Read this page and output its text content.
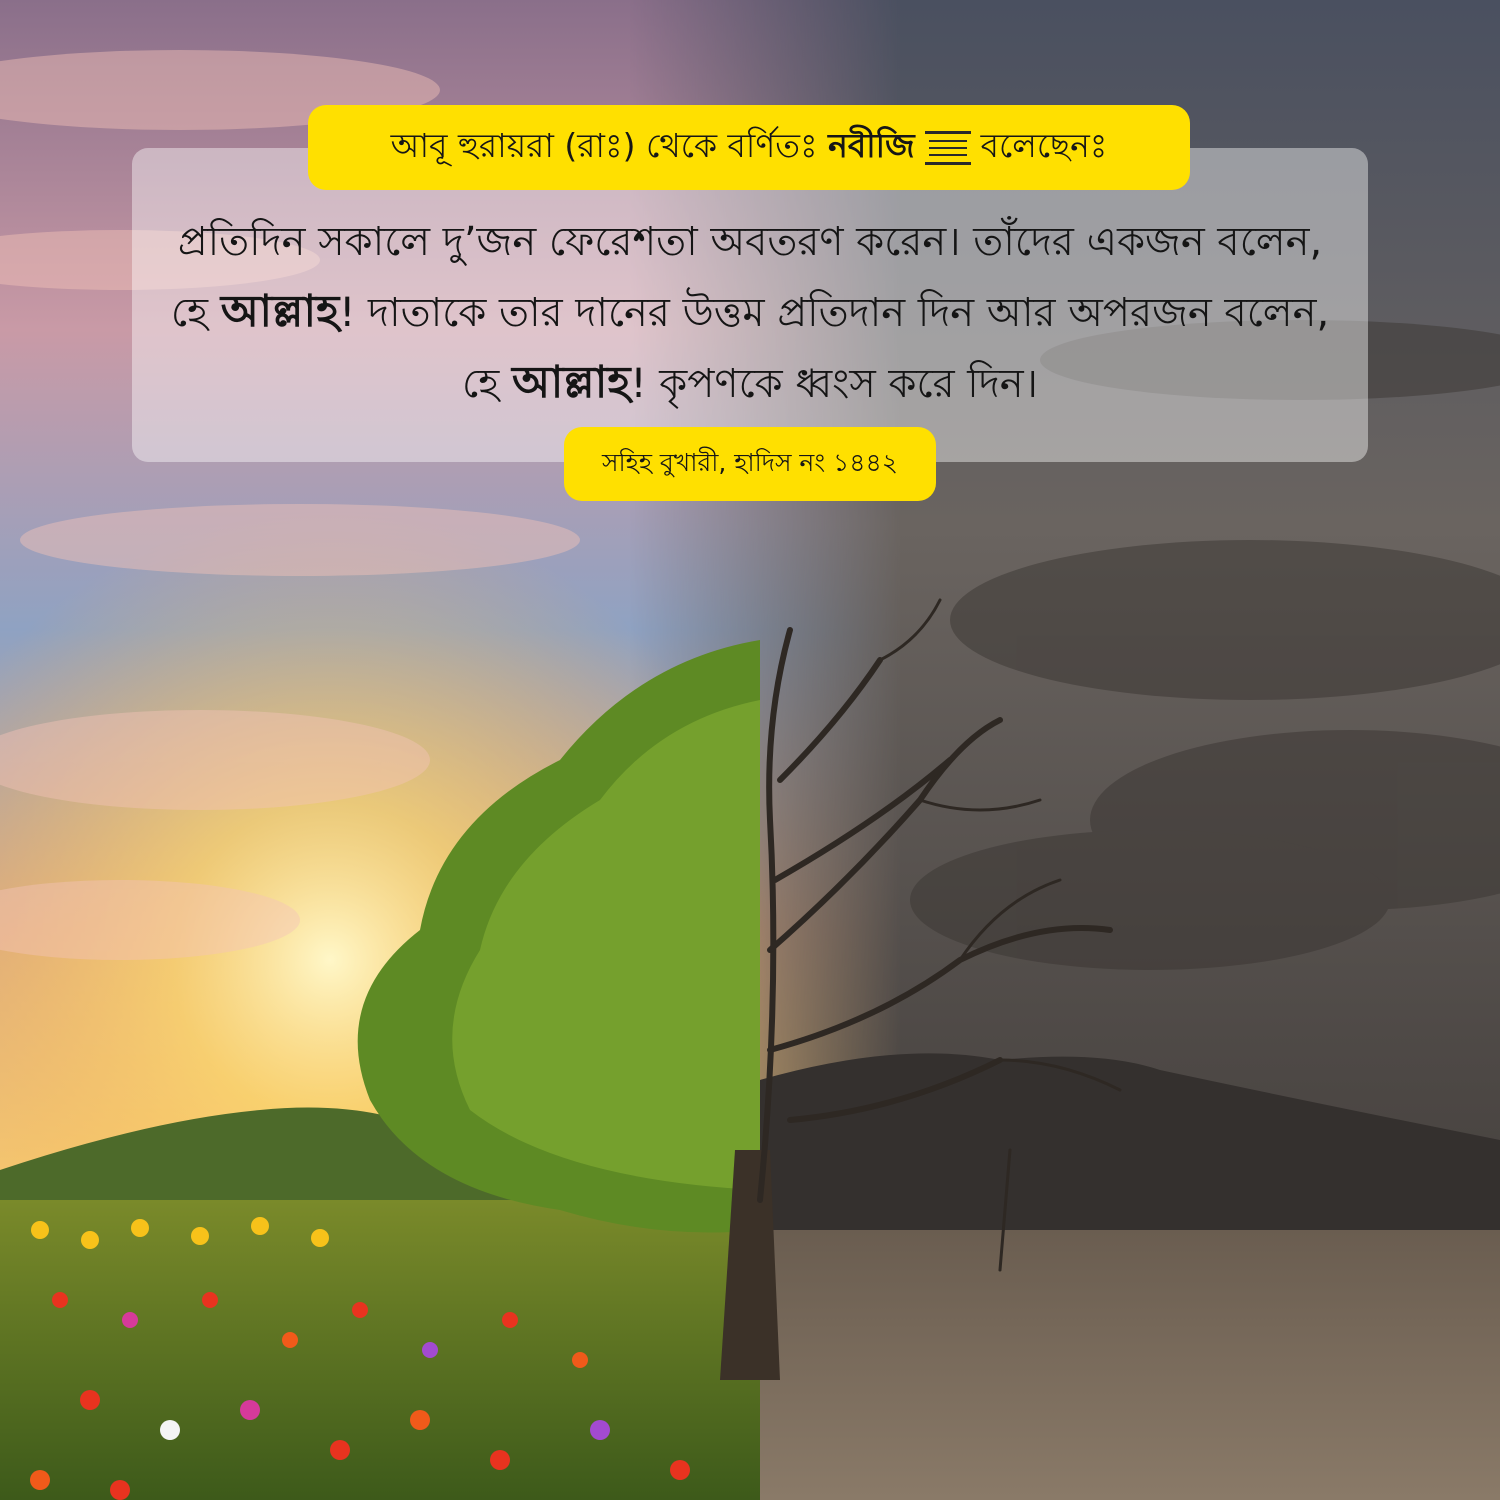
আবূ হুরায়রা (রাঃ) থেকে বর্ণিতঃ
নবীজি বলেছেনঃ
প্রতিদিন সকালে দু’জন ফেরেশতা অবতরণ করেন। তাঁদের একজন বলেন,
হে আল্লাহ! দাতাকে তার দানের উত্তম প্রতিদান দিন আর অপরজন বলেন,
হে আল্লাহ! কৃপণকে ধ্বংস করে দিন।
সহিহ বুখারী, হাদিস নং ১৪৪২
